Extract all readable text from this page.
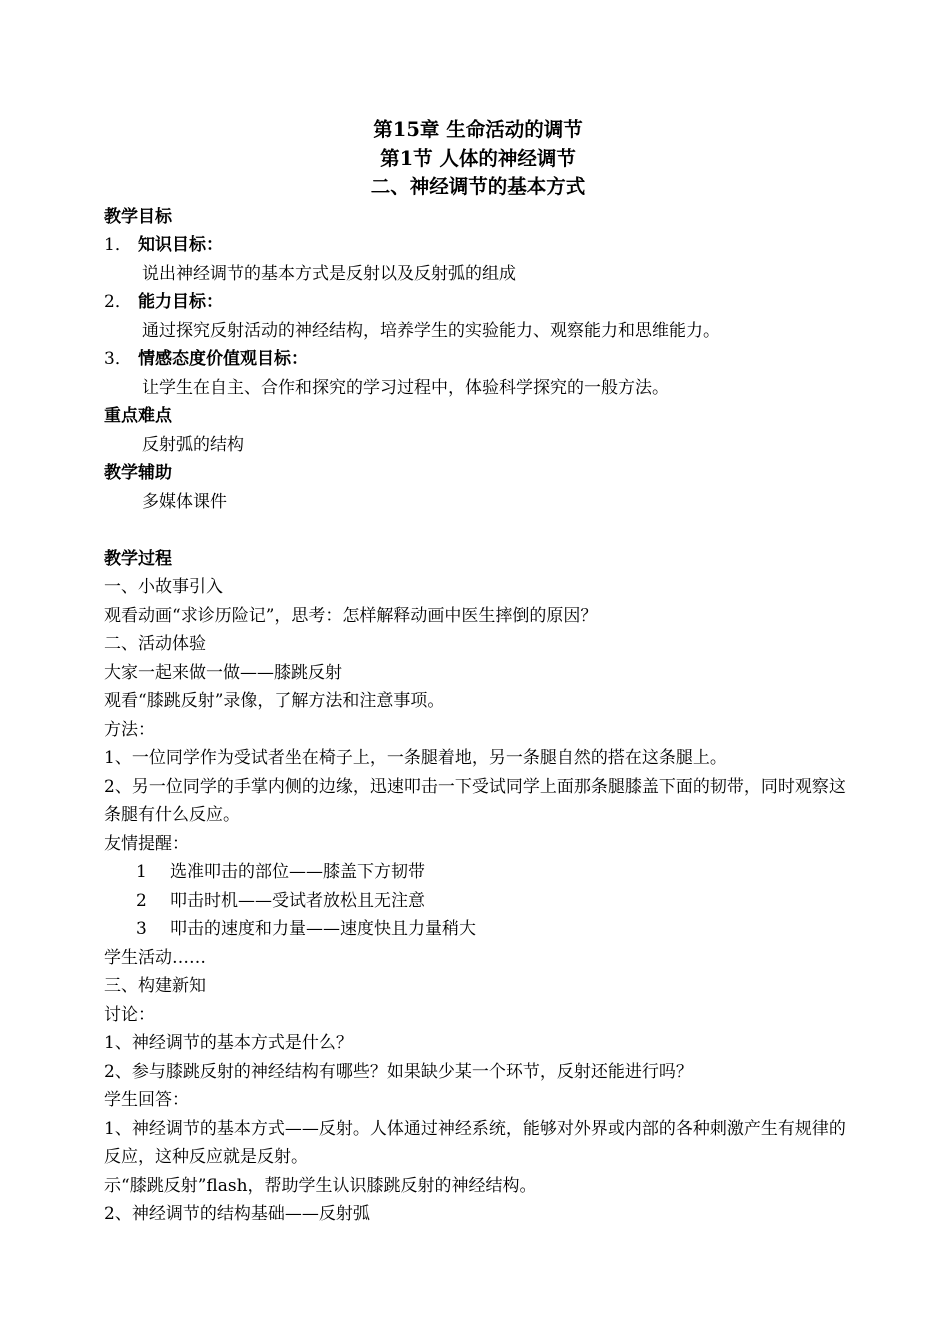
第15章 生命活动的调节
第1节 人体的神经调节
二、神经调节的基本方式
教学目标
1． 知识目标：
说出神经调节的基本方式是反射以及反射弧的组成
2． 能力目标：
通过探究反射活动的神经结构，培养学生的实验能力、观察能力和思维能力。
3． 情感态度价值观目标：
让学生在自主、合作和探究的学习过程中，体验科学探究的一般方法。
重点难点
反射弧的结构
教学辅助
多媒体课件
教学过程
一、小故事引入
观看动画“求诊历险记”，思考：怎样解释动画中医生摔倒的原因？
二、活动体验
大家一起来做一做——膝跳反射
观看“膝跳反射”录像，了解方法和注意事项。
方法：
1、一位同学作为受试者坐在椅子上，一条腿着地，另一条腿自然的搭在这条腿上。
2、另一位同学的手掌内侧的边缘，迅速叩击一下受试同学上面那条腿膝盖下面的韧带，同时观察这条腿有什么反应。
友情提醒：
1	选准叩击的部位——膝盖下方韧带
2	叩击时机——受试者放松且无注意
3	叩击的速度和力量——速度快且力量稍大
学生活动……
三、构建新知
讨论：
1、神经调节的基本方式是什么？
2、参与膝跳反射的神经结构有哪些？如果缺少某一个环节，反射还能进行吗？
学生回答：
1、神经调节的基本方式——反射。人体通过神经系统，能够对外界或内部的各种刺激产生有规律的反应，这种反应就是反射。
示“膝跳反射”flash，帮助学生认识膝跳反射的神经结构。
2、神经调节的结构基础——反射弧
